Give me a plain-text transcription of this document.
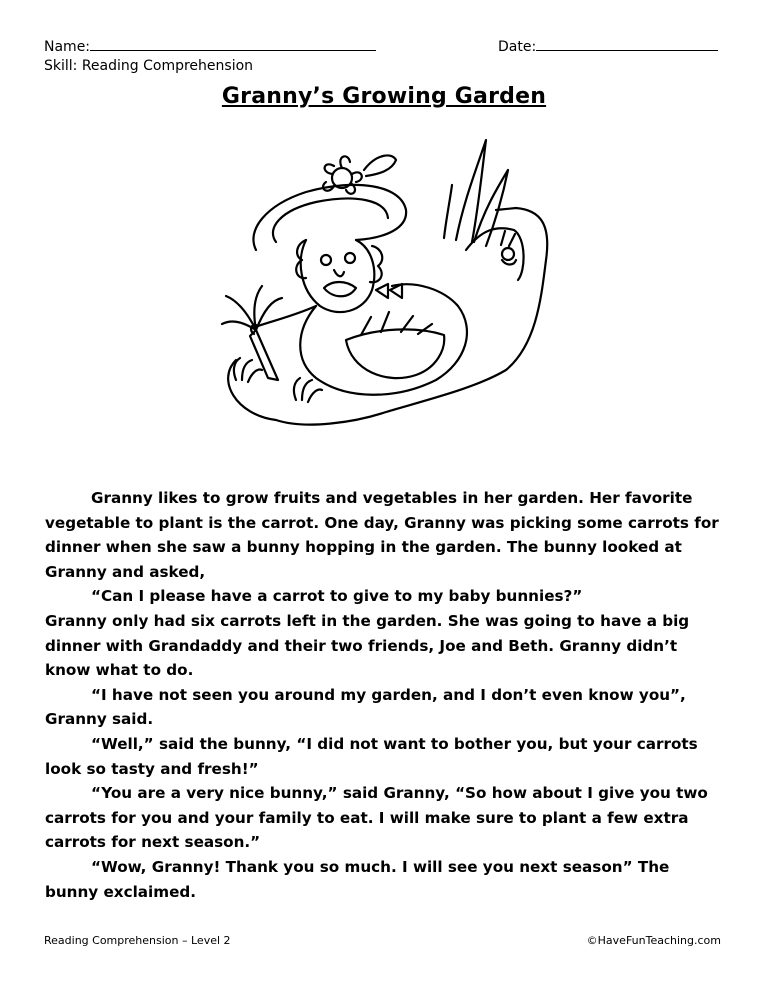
Name:	Date:
Skill: Reading Comprehension
Granny’s Growing Garden

Granny likes to grow fruits and vegetables in her garden. Her favorite vegetable to plant is the carrot. One day, Granny was picking some carrots for dinner when she saw a bunny hopping in the garden. The bunny looked at Granny and asked,

“Can I please have a carrot to give to my baby bunnies?”

Granny only had six carrots left in the garden. She was going to have a big dinner with Grandaddy and their two friends, Joe and Beth. Granny didn’t know what to do.

“I have not seen you around my garden, and I don’t even know you”, Granny said.

“Well,” said the bunny, “I did not want to bother you, but your carrots look so tasty and fresh!”

“You are a very nice bunny,” said Granny, “So how about I give you two carrots for you and your family to eat. I will make sure to plant a few extra carrots for next season.”

“Wow, Granny! Thank you so much. I will see you next season” The bunny exclaimed.

Reading Comprehension – Level 2	©HaveFunTeaching.com
